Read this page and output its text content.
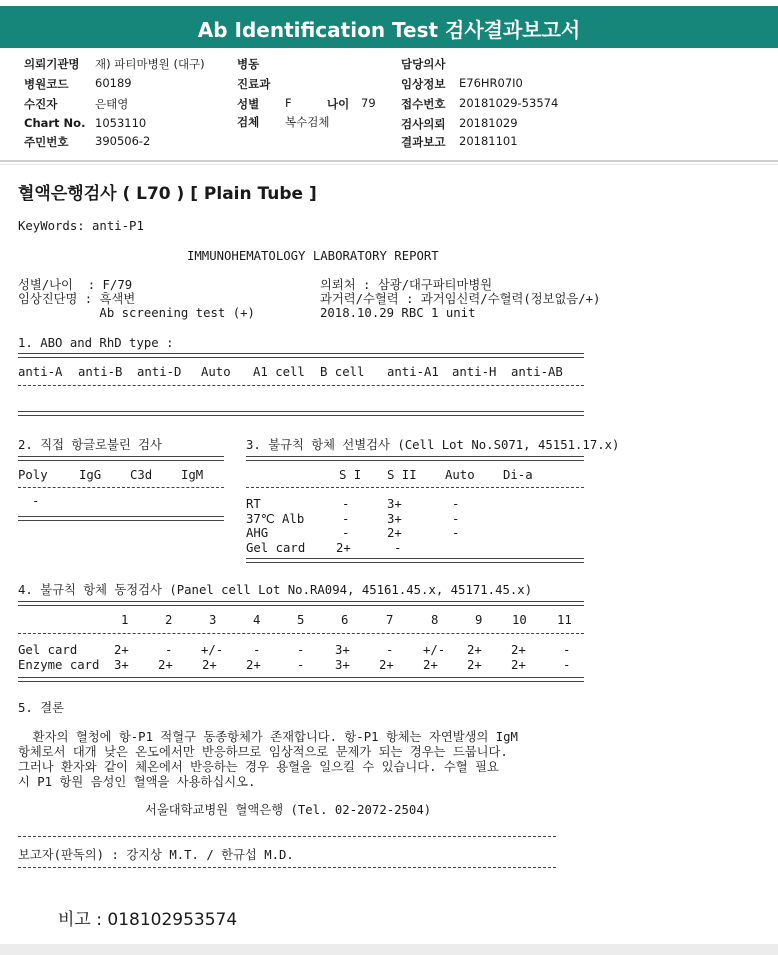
Ab Identification Test 검사결과보고서
의뢰기관명 재) 파티마병원 (대구)
병원코드 60189
수진자	은태영
Chart No. 1053110
주민번호 390506-2
병동
진료과
성별 F	나이 79
검체 복수검체
담당의사
임상정보 E76HR07I0
접수번호 20181029-53574
검사의뢰 20181029
결과보고 20181101
혈액은행검사 ( L70 ) [ Plain Tube ]
KeyWords: anti-P1
IMMUNOHEMATOLOGY LABORATORY REPORT
성별/나이  : F/79
임상진단명 : 흑색변
Ab screening test (+)
의뢰처 : 삼광/대구파티마병원
과거력/수혈력 : 과거임신력/수혈력(정보없음/+)
2018.10.29 RBC 1 unit
1. ABO and RhD type :
anti-A anti-B anti-D Auto A1 cell B cell anti-A1 anti-H anti-AB
2. 직접 항글로불린 검사
Poly	IgG C3d IgM
-
3. 불규칙 항체 선별검사 (Cell Lot No.S071, 45151.17.x)
S I S II Auto Di-a
RT	-	3+	-
37℃ Alb	-	3+	-
AHG	-	2+	-
Gel card	2+	-
4. 불규칙 항체 동정검사 (Panel cell Lot No.RA094, 45161.45.x, 45171.45.x)
1	2	3	4	5	6	7	8	9 10 11
Gel card	2+	- +/- -	- 3+	- +/- 2+ 2+	-
Enzyme card 3+ 2+ 2+ 2+	- 3+ 2+ 2+ 2+ 2+	-
5. 결론
환자의 혈청에 항-P1 적혈구 동종항체가 존재합니다. 항-P1 항체는 자연발생의 IgM
항체로서 대개 낮은 온도에서만 반응하므로 임상적으로 문제가 되는 경우는 드뭅니다.
그러나 환자와 같이 체온에서 반응하는 경우 용혈을 일으킬 수 있습니다. 수혈 필요
시 P1 항원 음성인 혈액을 사용하십시오.
서울대학교병원 혈액은행 (Tel. 02-2072-2504)
보고자(판독의) : 강지상 M.T. / 한규섭 M.D.
비고 : 018102953574
